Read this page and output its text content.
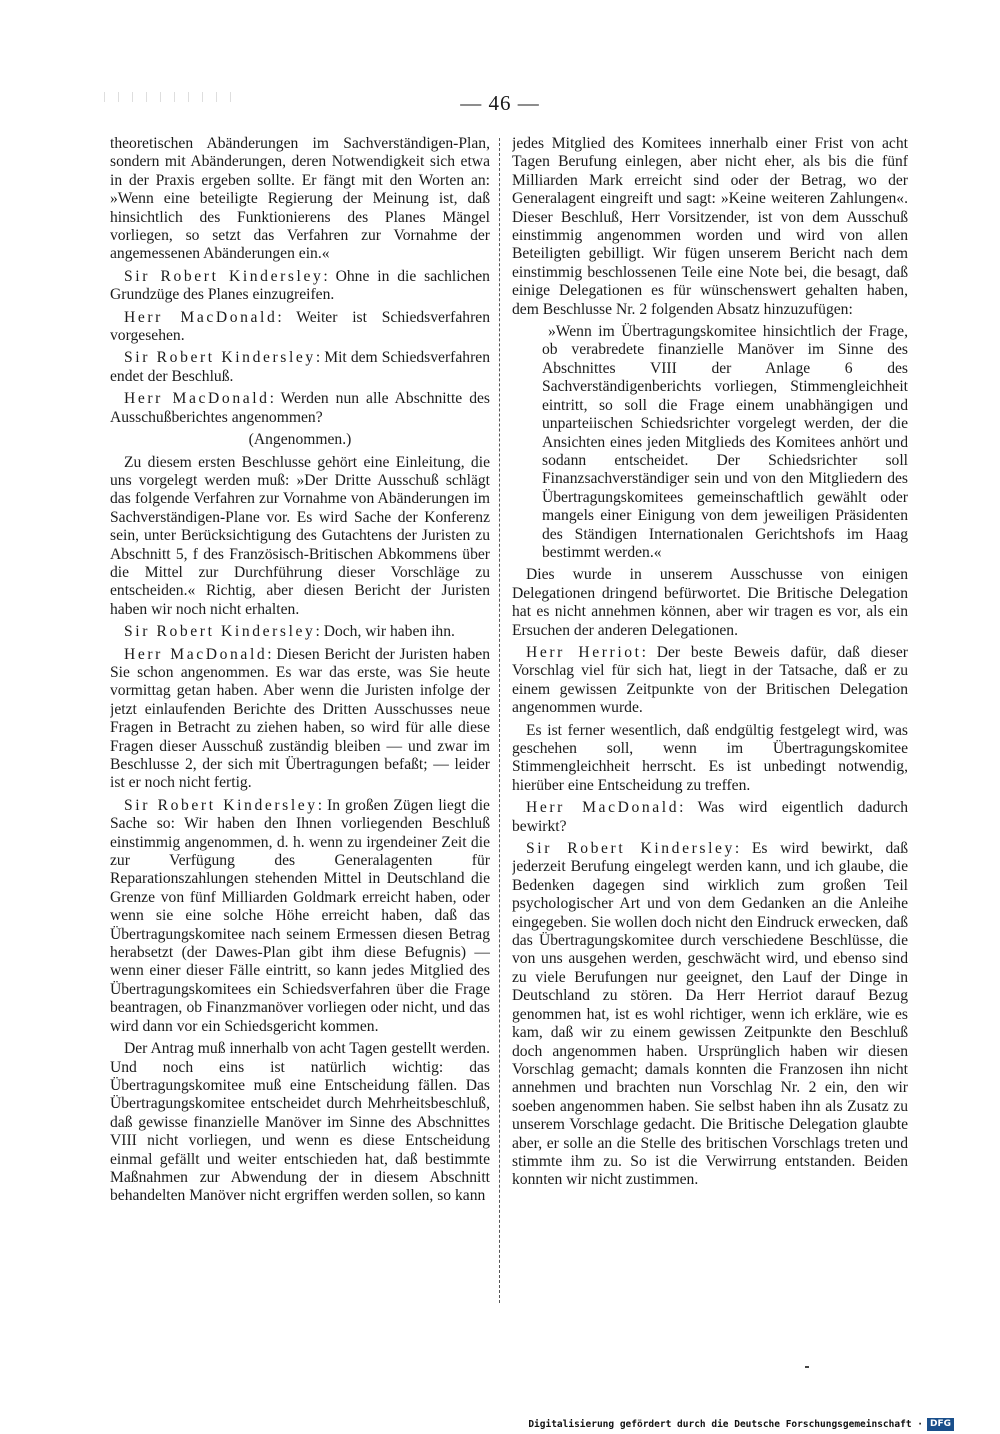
— 46 —

theoretischen Abänderungen im Sachverständigen-Plan, sondern mit Abänderungen, deren Notwendigkeit sich etwa in der Praxis ergeben sollte. Er fängt mit den Worten an: »Wenn eine beteiligte Regierung der Meinung ist, daß hinsichtlich des Funktionierens des Planes Mängel vorliegen, so setzt das Verfahren zur Vornahme der angemessenen Abänderungen ein.«

Sir Robert Kindersley: Ohne in die sachlichen Grundzüge des Planes einzugreifen.

Herr MacDonald: Weiter ist Schiedsverfahren vorgesehen.

Sir Robert Kindersley: Mit dem Schiedsverfahren endet der Beschluß.

Herr MacDonald: Werden nun alle Abschnitte des Ausschußberichtes angenommen?

(Angenommen.)

Zu diesem ersten Beschlusse gehört eine Einleitung, die uns vorgelegt werden muß: »Der Dritte Ausschuß schlägt das folgende Verfahren zur Vornahme von Abänderungen im Sachverständigen-Plane vor. Es wird Sache der Konferenz sein, unter Berücksichtigung des Gutachtens der Juristen zu Abschnitt 5, f des Französisch-Britischen Abkommens über die Mittel zur Durchführung dieser Vorschläge zu entscheiden.« Richtig, aber diesen Bericht der Juristen haben wir noch nicht erhalten.

Sir Robert Kindersley: Doch, wir haben ihn.

Herr MacDonald: Diesen Bericht der Juristen haben Sie schon angenommen. Es war das erste, was Sie heute vormittag getan haben. Aber wenn die Juristen infolge der jetzt einlaufenden Berichte des Dritten Ausschusses neue Fragen in Betracht zu ziehen haben, so wird für alle diese Fragen dieser Ausschuß zuständig bleiben — und zwar im Beschlusse 2, der sich mit Übertragungen befaßt; — leider ist er noch nicht fertig.

Sir Robert Kindersley: In großen Zügen liegt die Sache so: Wir haben den Ihnen vorliegenden Beschluß einstimmig angenommen, d. h. wenn zu irgendeiner Zeit die zur Verfügung des Generalagenten für Reparationszahlungen stehenden Mittel in Deutschland die Grenze von fünf Milliarden Goldmark erreicht haben, oder wenn sie eine solche Höhe erreicht haben, daß das Übertragungskomitee nach seinem Ermessen diesen Betrag herabsetzt (der Dawes-Plan gibt ihm diese Befugnis) — wenn einer dieser Fälle eintritt, so kann jedes Mitglied des Übertragungskomitees ein Schiedsverfahren über die Frage beantragen, ob Finanzmanöver vorliegen oder nicht, und das wird dann vor ein Schiedsgericht kommen.

Der Antrag muß innerhalb von acht Tagen gestellt werden. Und noch eins ist natürlich wichtig: das Übertragungskomitee muß eine Entscheidung fällen. Das Übertragungskomitee entscheidet durch Mehrheitsbeschluß, daß gewisse finanzielle Manöver im Sinne des Abschnittes VIII nicht vorliegen, und wenn es diese Entscheidung einmal gefällt und weiter entschieden hat, daß bestimmte Maßnahmen zur Abwendung der in diesem Abschnitt behandelten Manöver nicht ergriffen werden sollen, so kann

jedes Mitglied des Komitees innerhalb einer Frist von acht Tagen Berufung einlegen, aber nicht eher, als bis die fünf Milliarden Mark erreicht sind oder der Betrag, wo der Generalagent eingreift und sagt: »Keine weiteren Zahlungen«. Dieser Beschluß, Herr Vorsitzender, ist von dem Ausschuß einstimmig angenommen worden und wird von allen Beteiligten gebilligt. Wir fügen unserem Bericht nach dem einstimmig beschlossenen Teile eine Note bei, die besagt, daß einige Delegationen es für wünschenswert gehalten haben, dem Beschlusse Nr. 2 folgenden Absatz hinzuzufügen:

»Wenn im Übertragungskomitee hinsichtlich der Frage, ob verabredete finanzielle Manöver im Sinne des Abschnittes VIII der Anlage 6 des Sachverständigenberichts vorliegen, Stimmengleichheit eintritt, so soll die Frage einem unabhängigen und unparteiischen Schiedsrichter vorgelegt werden, der die Ansichten eines jeden Mitglieds des Komitees anhört und sodann entscheidet. Der Schiedsrichter soll Finanzsachverständiger sein und von den Mitgliedern des Übertragungskomitees gemeinschaftlich gewählt oder mangels einer Einigung von dem jeweiligen Präsidenten des Ständigen Internationalen Gerichtshofs im Haag bestimmt werden.«

Dies wurde in unserem Ausschusse von einigen Delegationen dringend befürwortet. Die Britische Delegation hat es nicht annehmen können, aber wir tragen es vor, als ein Ersuchen der anderen Delegationen.

Herr Herriot: Der beste Beweis dafür, daß dieser Vorschlag viel für sich hat, liegt in der Tatsache, daß er zu einem gewissen Zeitpunkte von der Britischen Delegation angenommen wurde.

Es ist ferner wesentlich, daß endgültig festgelegt wird, was geschehen soll, wenn im Übertragungskomitee Stimmengleichheit herrscht. Es ist unbedingt notwendig, hierüber eine Entscheidung zu treffen.

Herr MacDonald: Was wird eigentlich dadurch bewirkt?

Sir Robert Kindersley: Es wird bewirkt, daß jederzeit Berufung eingelegt werden kann, und ich glaube, die Bedenken dagegen sind wirklich zum großen Teil psychologischer Art und von dem Gedanken an die Anleihe eingegeben. Sie wollen doch nicht den Eindruck erwecken, daß das Übertragungskomitee durch verschiedene Beschlüsse, die von uns ausgehen werden, geschwächt wird, und ebenso sind zu viele Berufungen nur geeignet, den Lauf der Dinge in Deutschland zu stören. Da Herr Herriot darauf Bezug genommen hat, ist es wohl richtiger, wenn ich erkläre, wie es kam, daß wir zu einem gewissen Zeitpunkte den Beschluß doch angenommen haben. Ursprünglich haben wir diesen Vorschlag gemacht; damals konnten die Franzosen ihn nicht annehmen und brachten nun Vorschlag Nr. 2 ein, den wir soeben angenommen haben. Sie selbst haben ihn als Zusatz zu unserem Vorschlage gedacht. Die Britische Delegation glaubte aber, er solle an die Stelle des britischen Vorschlags treten und stimmte ihm zu. So ist die Verwirrung entstanden. Beiden konnten wir nicht zustimmen.

Digitalisierung gefördert durch die Deutsche Forschungsgemeinschaft · DFG
